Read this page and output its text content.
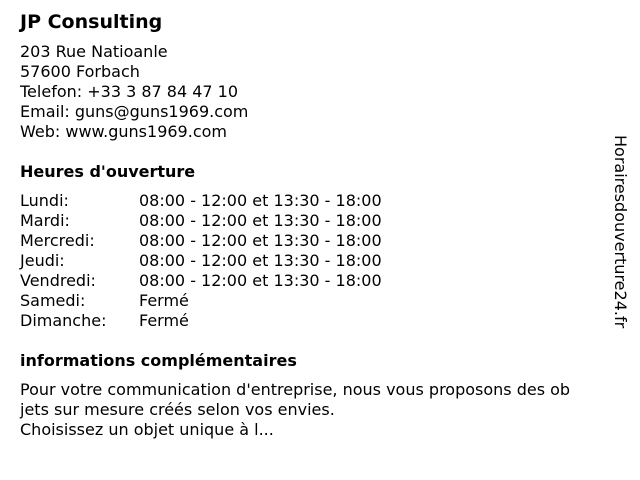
JP Consulting
203 Rue Natioanle
57600 Forbach
Telefon: +33 3 87 84 47 10
Email: guns@guns1969.com
Web: www.guns1969.com
Heures d'ouverture
Lundi:	08:00 - 12:00 et 13:30 - 18:00
Mardi:	08:00 - 12:00 et 13:30 - 18:00
Mercredi:	08:00 - 12:00 et 13:30 - 18:00
Jeudi:	08:00 - 12:00 et 13:30 - 18:00
Vendredi:	08:00 - 12:00 et 13:30 - 18:00
Samedi:	Fermé
Dimanche:	Fermé
informations complémentaires
Pour votre communication d'entreprise, nous vous proposons des ob
jets sur mesure créés selon vos envies.
Choisissez un objet unique à l...
Horairesdouverture24.fr
